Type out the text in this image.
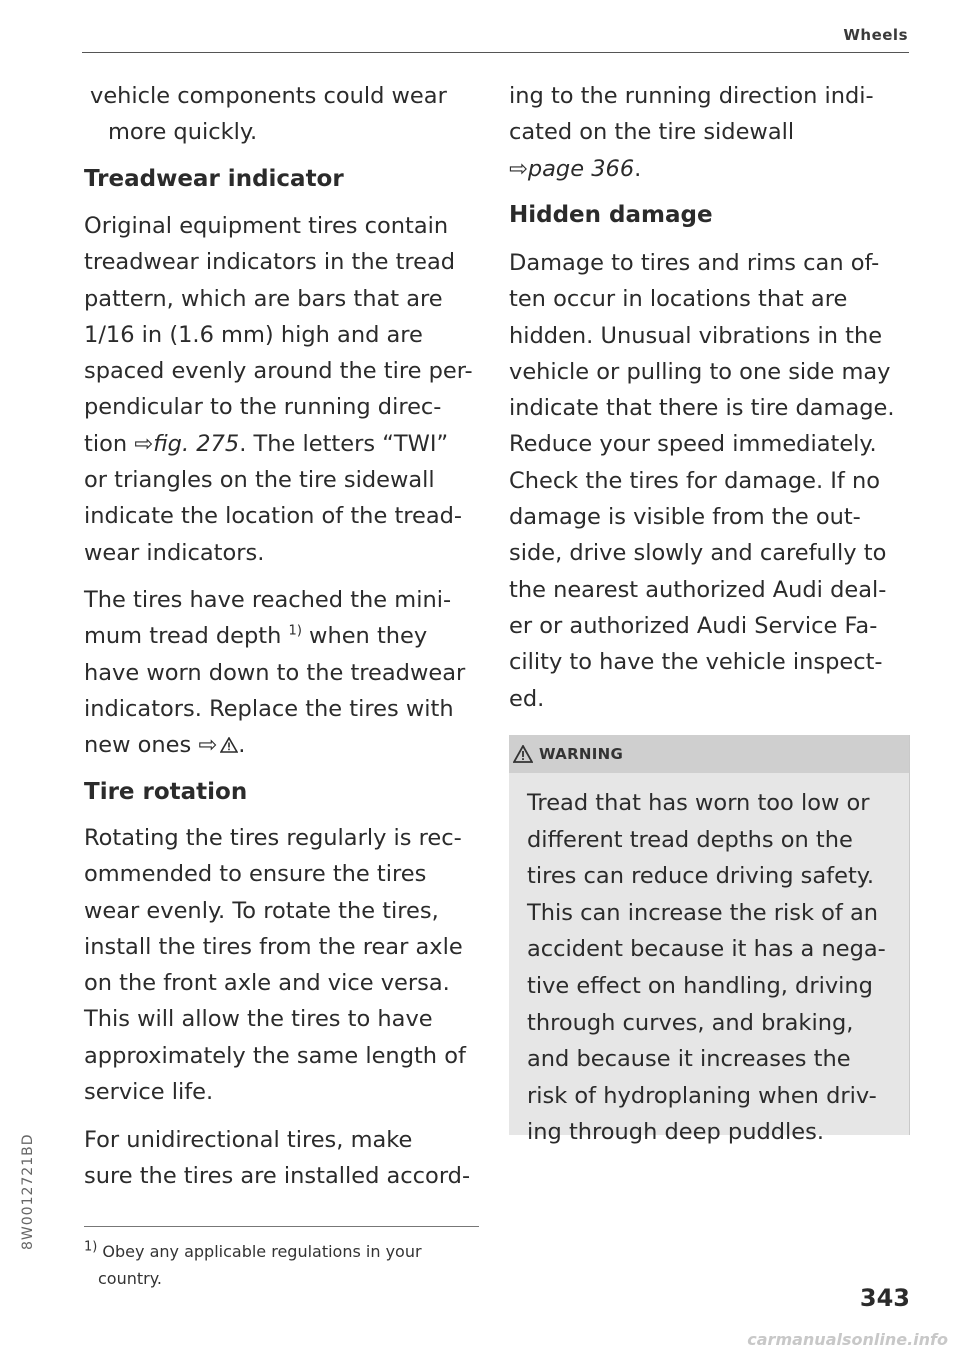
Wheels

vehicle components could wear

more quickly.

Treadwear indicator

Original equipment tires contain

treadwear indicators in the tread

pattern, which are bars that are

1/16 in (1.6 mm) high and are

spaced evenly around the tire per-

pendicular to the running direc-

tion ⇨fig. 275. The letters “TWI”

or triangles on the tire sidewall

indicate the location of the tread-

wear indicators.

The tires have reached the mini-

mum tread depth $^{1)}$ when they

have worn down to the treadwear

indicators. Replace the tires with

new ones ⇨ .

Tire rotation

Rotating the tires regularly is rec-

ommended to ensure the tires

wear evenly. To rotate the tires,

install the tires from the rear axle

on the front axle and vice versa.

This will allow the tires to have

approximately the same length of

service life.

For unidirectional tires, make

sure the tires are installed accord-

ing to the running direction indi-

cated on the tire sidewall

⇨page 366.

Hidden damage

Damage to tires and rims can of-

ten occur in locations that are

hidden. Unusual vibrations in the

vehicle or pulling to one side may

indicate that there is tire damage.

Reduce your speed immediately.

Check the tires for damage. If no

damage is visible from the out-

side, drive slowly and carefully to

the nearest authorized Audi deal-

er or authorized Audi Service Fa-

cility to have the vehicle inspect-

ed.

WARNING

Tread that has worn too low or

different tread depths on the

tires can reduce driving safety.

This can increase the risk of an

accident because it has a nega-

tive effect on handling, driving

through curves, and braking,

and because it increases the

risk of hydroplaning when driv-

ing through deep puddles.

$^{1)}$ Obey any applicable regulations in your
country.
8W0012721BD
343
carmanualsonline.info
